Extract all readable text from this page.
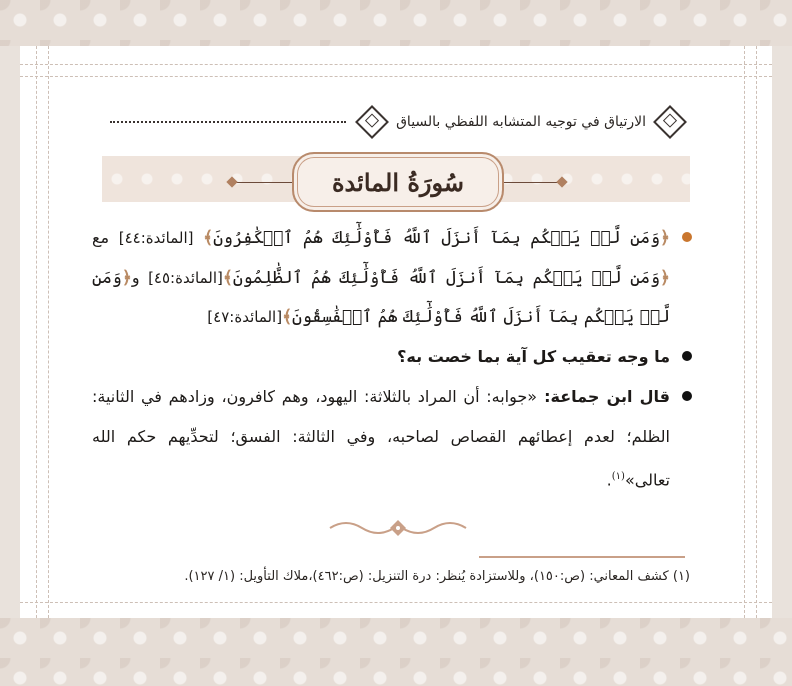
الارتياق في توجيه المتشابه اللفظي بالسياق
سُورَةُ المائدة
﴿وَمَن لَّمۡ يَحۡكُم بِمَآ أَنزَلَ ٱللَّهُ فَأُوْلَٰٓئِكَ هُمُ ٱلۡكَٰفِرُونَ﴾ [المائدة:٤٤] مع ﴿وَمَن لَّمۡ يَحۡكُم بِمَآ أَنزَلَ ٱللَّهُ فَأُوْلَٰٓئِكَ هُمُ ٱلظَّٰلِمُونَ﴾[المائدة:٤٥] و﴿وَمَن لَّمۡ يَحۡكُم بِمَآ أَنزَلَ ٱللَّهُ فَأُوْلَٰٓئِكَ هُمُ ٱلۡفَٰسِقُونَ﴾[المائدة:٤٧]
ما وجه تعقيب كل آية بما خصت به؟
قال ابن جماعة: «جوابه: أن المراد بالثلاثة: اليهود، وهم كافرون، وزادهم في الثانية: الظلم؛ لعدم إعطائهم القصاص لصاحبه، وفي الثالثة: الفسق؛ لتحدِّيهم حكم الله تعالى»$^{(١)}$.
(١) كشف المعاني: (ص:١٥٠)، وللاستزادة يُنظر: درة التنزيل: (ص:٤٦٢)،ملاك التأويل: (١/ ١٢٧).
